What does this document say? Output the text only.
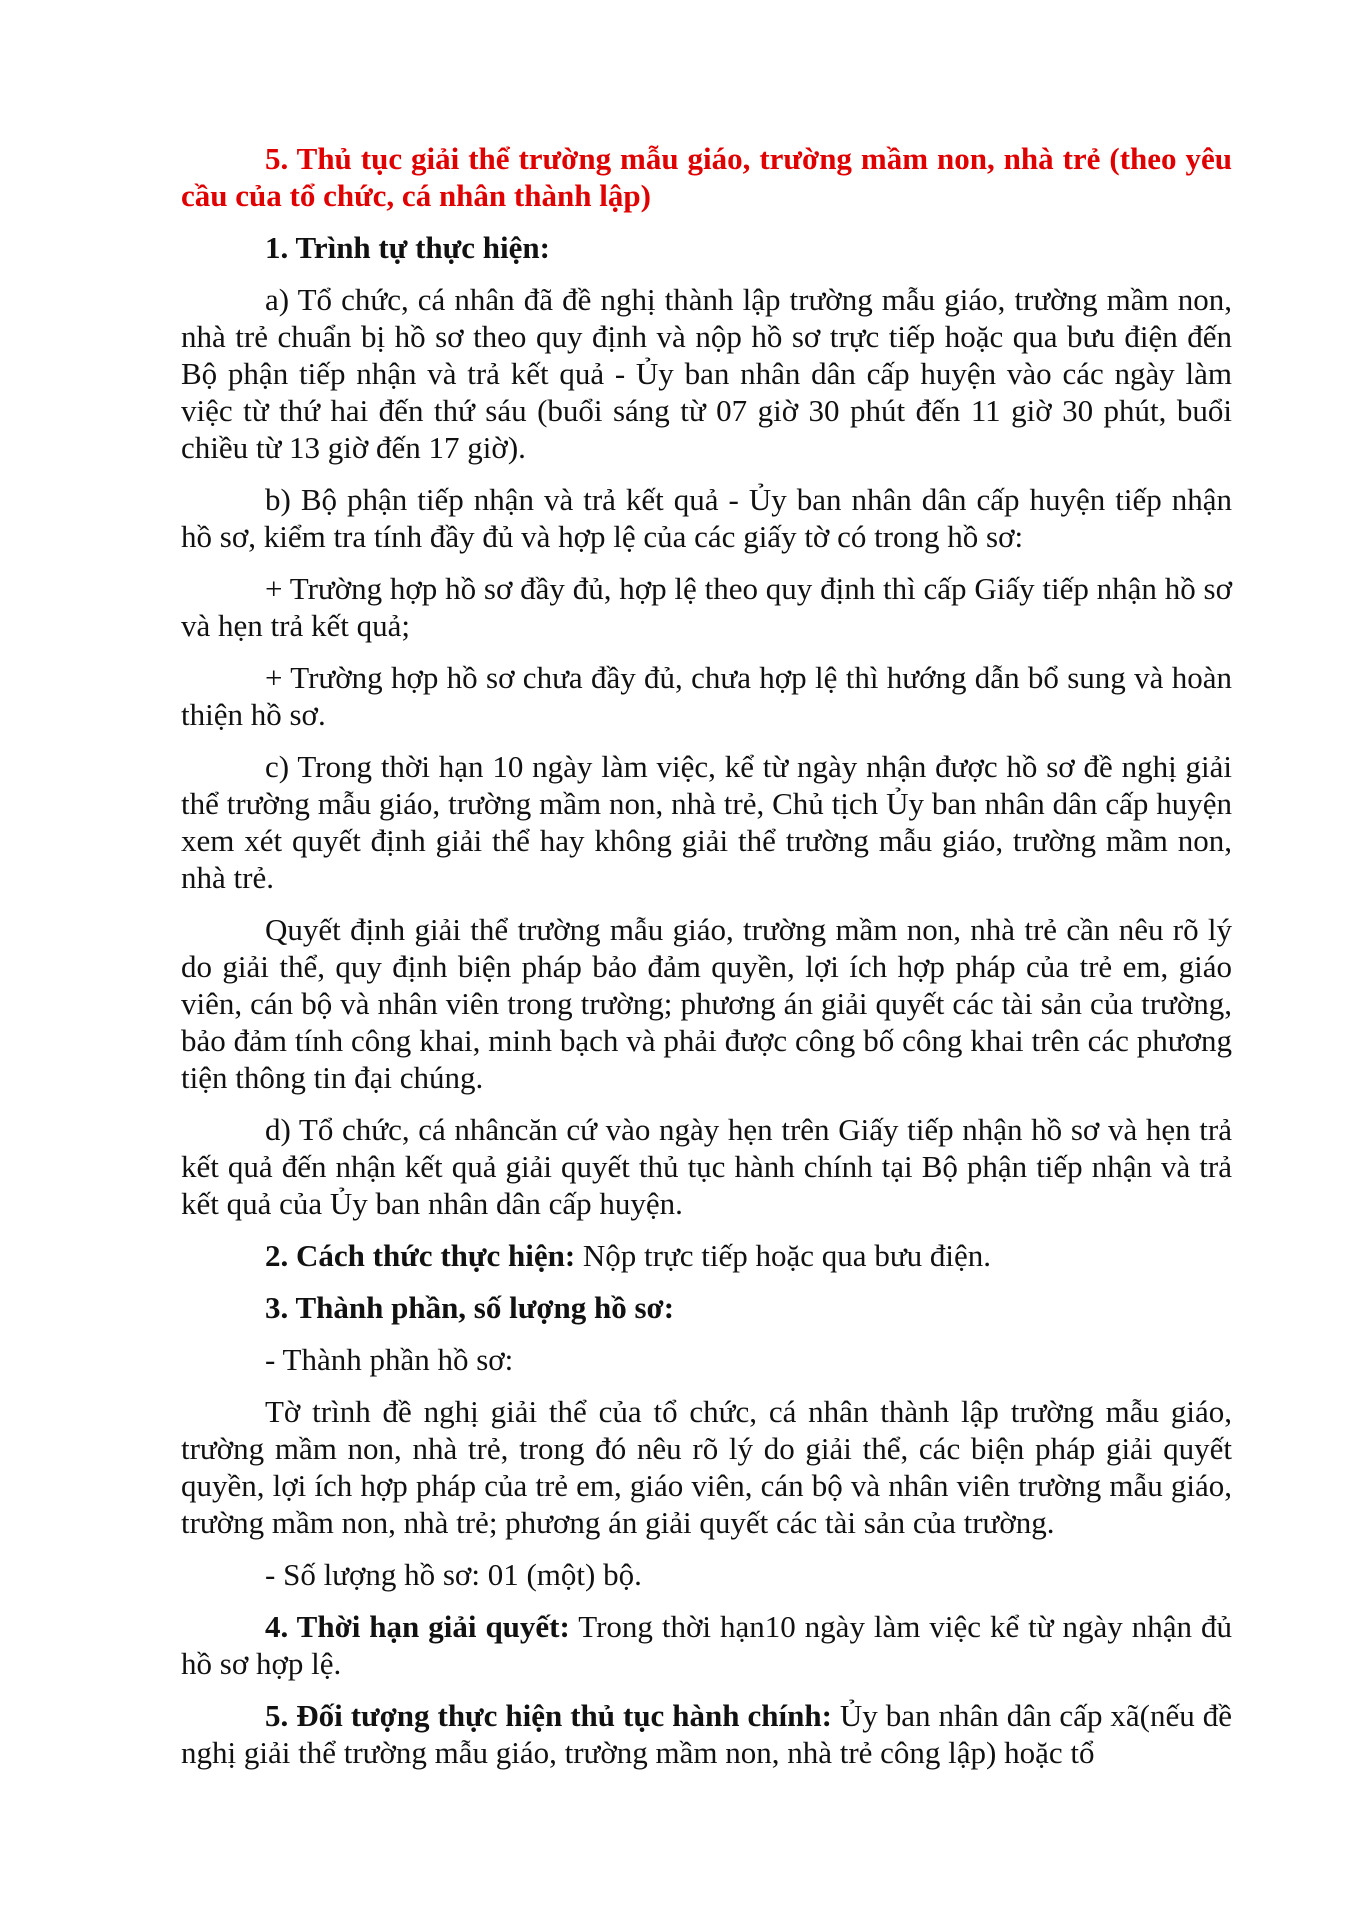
5. Thủ tục giải thể trường mẫu giáo, trường mầm non, nhà trẻ (theo yêu cầu của tổ chức, cá nhân thành lập)

1. Trình tự thực hiện:

a) Tổ chức, cá nhân đã đề nghị thành lập trường mẫu giáo, trường mầm non, nhà trẻ chuẩn bị hồ sơ theo quy định và nộp hồ sơ trực tiếp hoặc qua bưu điện đến Bộ phận tiếp nhận và trả kết quả - Ủy ban nhân dân cấp huyện vào các ngày làm việc từ thứ hai đến thứ sáu (buổi sáng từ 07 giờ 30 phút đến 11 giờ 30 phút, buổi chiều từ 13 giờ đến 17 giờ).

b) Bộ phận tiếp nhận và trả kết quả - Ủy ban nhân dân cấp huyện tiếp nhận hồ sơ, kiểm tra tính đầy đủ và hợp lệ của các giấy tờ có trong hồ sơ:

+ Trường hợp hồ sơ đầy đủ, hợp lệ theo quy định thì cấp Giấy tiếp nhận hồ sơ và hẹn trả kết quả;

+ Trường hợp hồ sơ chưa đầy đủ, chưa hợp lệ thì hướng dẫn bổ sung và hoàn thiện hồ sơ.

c) Trong thời hạn 10 ngày làm việc, kể từ ngày nhận được hồ sơ đề nghị giải thể trường mẫu giáo, trường mầm non, nhà trẻ, Chủ tịch Ủy ban nhân dân cấp huyện xem xét quyết định giải thể hay không giải thể trường mẫu giáo, trường mầm non, nhà trẻ.

Quyết định giải thể trường mẫu giáo, trường mầm non, nhà trẻ cần nêu rõ lý do giải thể, quy định biện pháp bảo đảm quyền, lợi ích hợp pháp của trẻ em, giáo viên, cán bộ và nhân viên trong trường; phương án giải quyết các tài sản của trường, bảo đảm tính công khai, minh bạch và phải được công bố công khai trên các phương tiện thông tin đại chúng.

d) Tổ chức, cá nhâncăn cứ vào ngày hẹn trên Giấy tiếp nhận hồ sơ và hẹn trả kết quả đến nhận kết quả giải quyết thủ tục hành chính tại Bộ phận tiếp nhận và trả kết quả của Ủy ban nhân dân cấp huyện.

2. Cách thức thực hiện: Nộp trực tiếp hoặc qua bưu điện.

3. Thành phần, số lượng hồ sơ:

- Thành phần hồ sơ:

Tờ trình đề nghị giải thể của tổ chức, cá nhân thành lập trường mẫu giáo, trường mầm non, nhà trẻ, trong đó nêu rõ lý do giải thể, các biện pháp giải quyết quyền, lợi ích hợp pháp của trẻ em, giáo viên, cán bộ và nhân viên trường mẫu giáo, trường mầm non, nhà trẻ; phương án giải quyết các tài sản của trường.

- Số lượng hồ sơ: 01 (một) bộ.

4. Thời hạn giải quyết: Trong thời hạn10 ngày làm việc kể từ ngày nhận đủ hồ sơ hợp lệ.

5. Đối tượng thực hiện thủ tục hành chính: Ủy ban nhân dân cấp xã(nếu đề nghị giải thể trường mẫu giáo, trường mầm non, nhà trẻ công lập) hoặc tổ
